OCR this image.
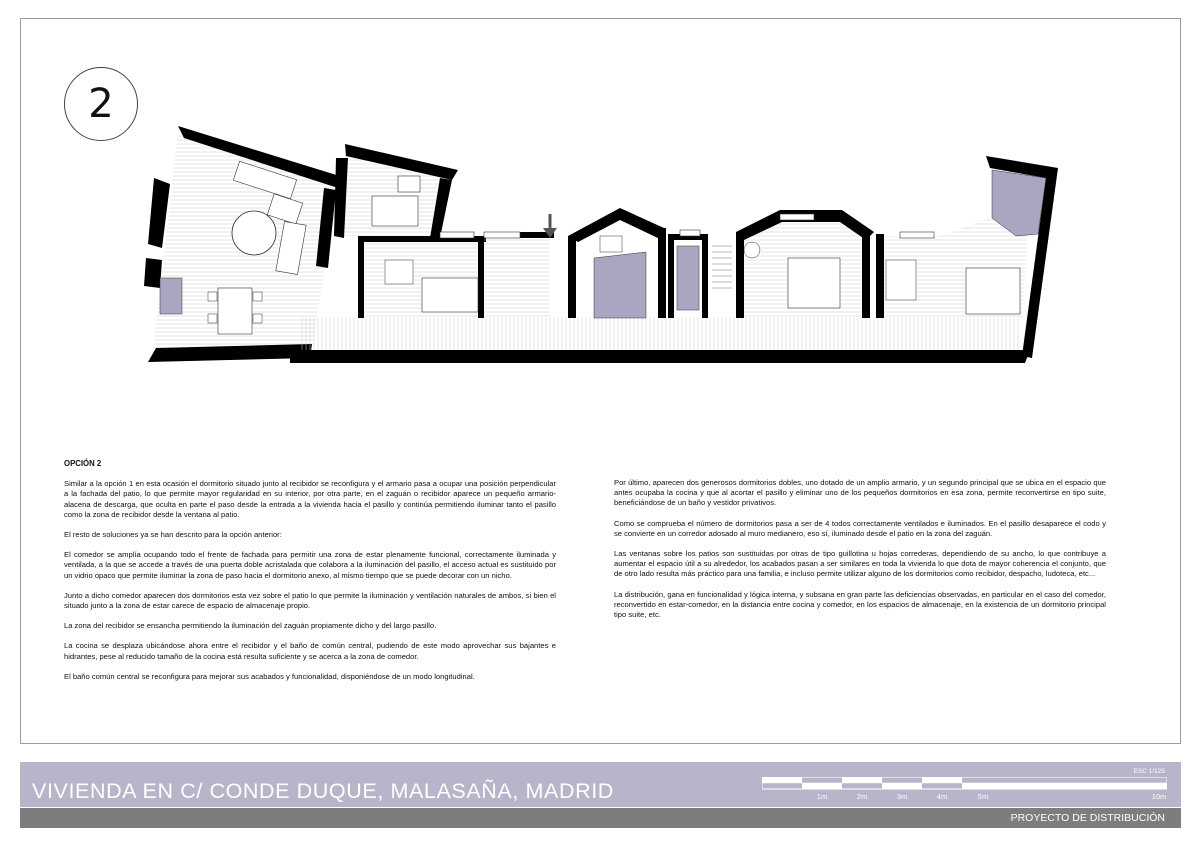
2
OPCIÓN 2

Similar a la opción 1 en esta ocasión el dormitorio situado junto al recibidor se reconfigura y el armario pasa a ocupar una posición perpendicular a la fachada del patio, lo que permite mayor regularidad en su interior, por otra parte, en el zaguán o recibidor aparece un pequeño armario-alacena de descarga, que oculta en parte el paso desde la entrada a la vivienda hacia el pasillo y continúa permitiendo iluminar tanto el pasillo como la zona de recibidor desde la ventana al patio.

El resto de soluciones ya se han descrito para la opción anterior:

El comedor se amplía ocupando todo el frente de fachada para permitir una zona de estar plenamente funcional, correctamente iluminada y ventilada, a la que se accede a través de una puerta doble acristalada que colabora a la iluminación del pasillo, el acceso actual es sustituido por un vidrio opaco que permite iluminar la zona de paso hacia el dormitorio anexo, al mismo tiempo que se puede decorar con un nicho.

Junto a dicho comedor aparecen dos dormitorios esta vez sobre el patio lo que permite la iluminación y ventilación naturales de ambos, si bien el situado junto a la zona de estar carece de espacio de almacenaje propio.

La zona del recibidor se ensancha permitiendo la iluminación del zaguán propiamente dicho y del largo pasillo.

La cocina se desplaza ubicándose ahora entre el recibidor y el baño de común central, pudiendo de este modo aprovechar sus bajantes e hidrantes, pese al reducido tamaño de la cocina está resulta suficiente y se acerca a la zona de comedor.

El baño común central se reconfigura para mejorar sus acabados y funcionalidad, disponiéndose de un modo longitudinal.

Por último, aparecen dos generosos dormitorios dobles, uno dotado de un amplio armario, y un segundo principal que se ubica en el espacio que antes ocupaba la cocina y que al acortar el pasillo y eliminar uno de los pequeños dormitorios en esa zona, permite reconvertirse en tipo suite, beneficiándose de un baño y vestidor privativos.

Como se comprueba el número de dormitorios pasa a ser de 4 todos correctamente ventilados e iluminados. En el pasillo desaparece el codo y se convierte en un corredor adosado al muro medianero, eso sí, iluminado desde el patio en la zona del zaguán.

Las ventanas sobre los patios son sustituidas por otras de tipo guillotina u hojas correderas, dependiendo de su ancho, lo que contribuye a aumentar el espacio útil a su alrededor, los acabados pasan a ser similares en toda la vivienda lo que dota de mayor coherencia el conjunto, que de otro lado resulta más práctico para una familia, e incluso permite utilizar alguno de los dormitorios como recibidor, despacho, ludoteca, etc...

La distribución, gana en funcionalidad y lógica interna, y subsana en gran parte las deficiencias observadas, en particular en el caso del comedor, reconvertido en estar-comedor, en la distancia entre cocina y comedor, en los espacios de almacenaje, en la existencia de un dormitorio principal tipo suite, etc.

VIVIENDA EN C/ CONDE DUQUE, MALASAÑA, MADRID
ESC 1/125
1m	2m	3m	4m	5m	10m
PROYECTO DE DISTRIBUCIÓN
